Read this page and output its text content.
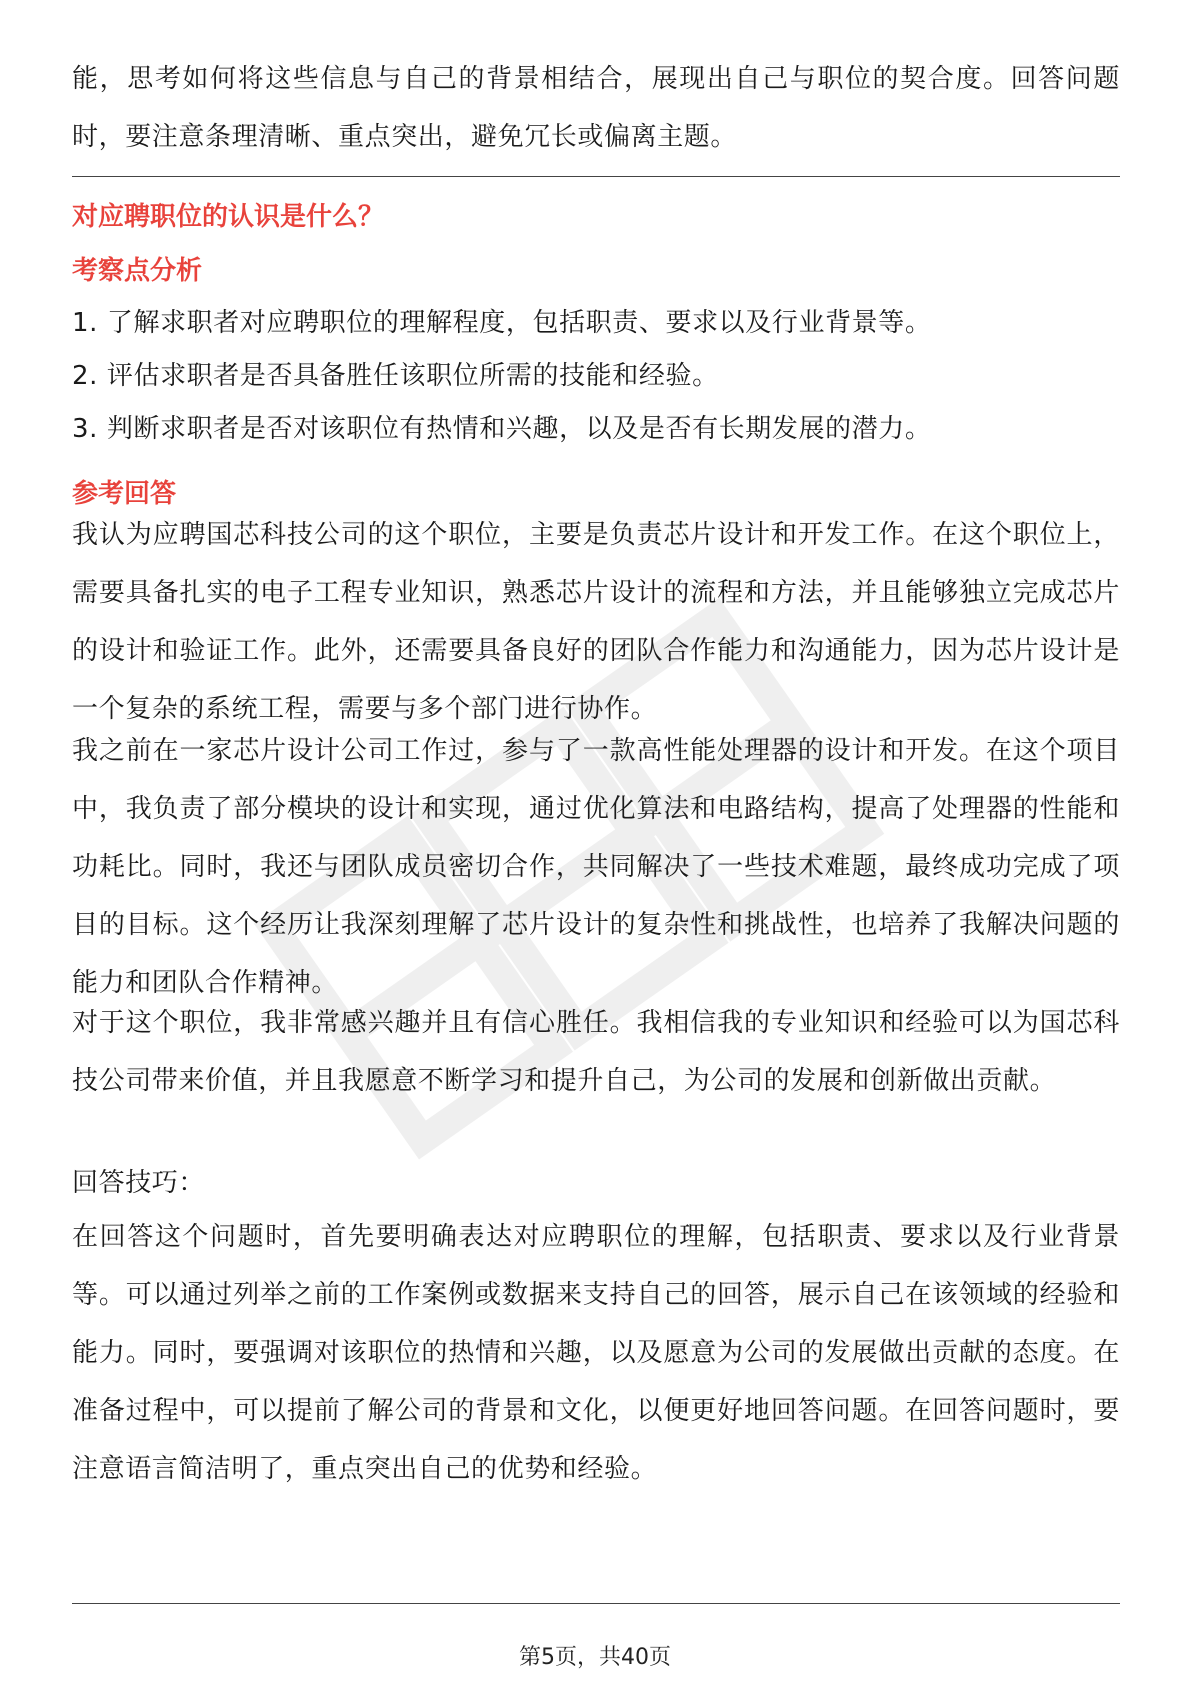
能，思考如何将这些信息与自己的背景相结合，展现出自己与职位的契合度。回答问题时，要注意条理清晰、重点突出，避免冗长或偏离主题。

对应聘职位的认识是什么？

考察点分析

1. 了解求职者对应聘职位的理解程度，包括职责、要求以及行业背景等。

2. 评估求职者是否具备胜任该职位所需的技能和经验。

3. 判断求职者是否对该职位有热情和兴趣，以及是否有长期发展的潜力。

参考回答

我认为应聘国芯科技公司的这个职位，主要是负责芯片设计和开发工作。在这个职位上，需要具备扎实的电子工程专业知识，熟悉芯片设计的流程和方法，并且能够独立完成芯片的设计和验证工作。此外，还需要具备良好的团队合作能力和沟通能力，因为芯片设计是一个复杂的系统工程，需要与多个部门进行协作。

我之前在一家芯片设计公司工作过，参与了一款高性能处理器的设计和开发。在这个项目中，我负责了部分模块的设计和实现，通过优化算法和电路结构，提高了处理器的性能和功耗比。同时，我还与团队成员密切合作，共同解决了一些技术难题，最终成功完成了项目的目标。这个经历让我深刻理解了芯片设计的复杂性和挑战性，也培养了我解决问题的能力和团队合作精神。

对于这个职位，我非常感兴趣并且有信心胜任。我相信我的专业知识和经验可以为国芯科技公司带来价值，并且我愿意不断学习和提升自己，为公司的发展和创新做出贡献。

回答技巧：

在回答这个问题时，首先要明确表达对应聘职位的理解，包括职责、要求以及行业背景等。可以通过列举之前的工作案例或数据来支持自己的回答，展示自己在该领域的经验和能力。同时，要强调对该职位的热情和兴趣，以及愿意为公司的发展做出贡献的态度。在准备过程中，可以提前了解公司的背景和文化，以便更好地回答问题。在回答问题时，要注意语言简洁明了，重点突出自己的优势和经验。

第5页，共40页
